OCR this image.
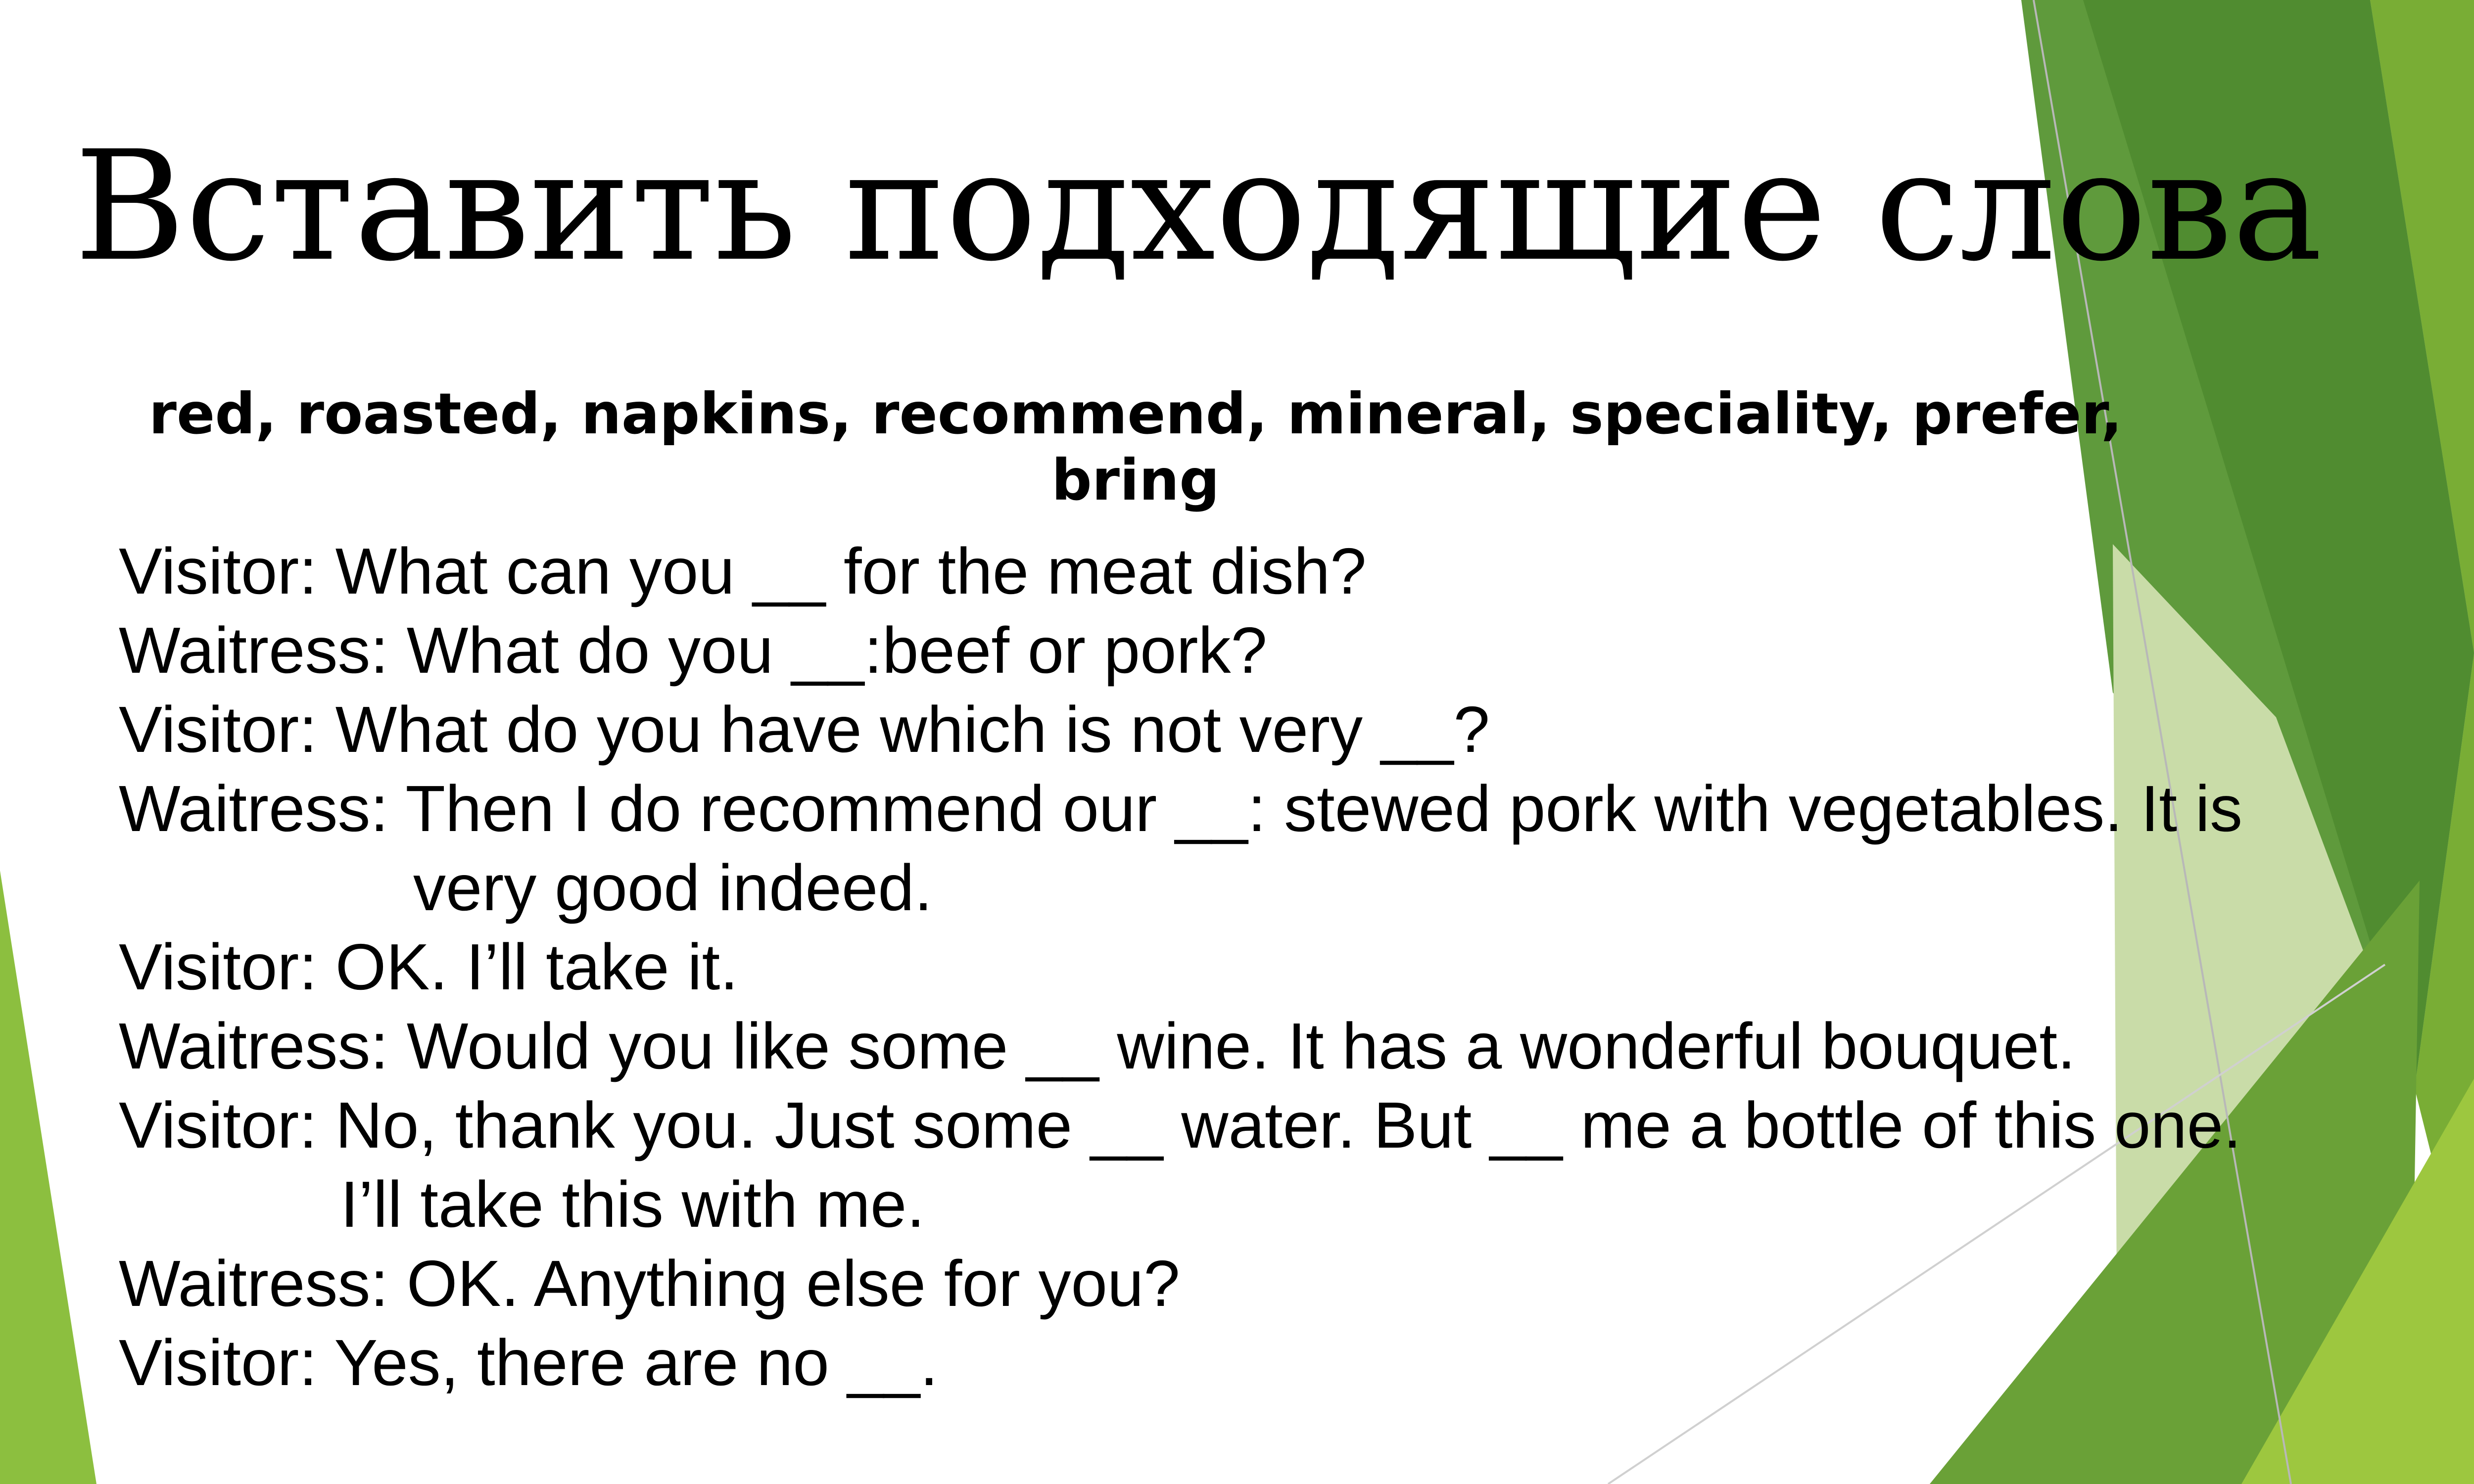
Вставить подходящие слова

red, roasted, napkins, recommend, mineral, speciality, prefer, bring

Visitor: What can you __ for the meat dish?
Waitress: What do you __:beef or pork?
Visitor: What do you have which is not very __?
Waitress: Then I do recommend our __: stewed pork with vegetables. It is
very good indeed.
Visitor: OK. I’ll take it.
Waitress: Would you like some __ wine. It has a wonderful bouquet.
Visitor: No, thank you. Just some __ water. But __ me a bottle of this one.
I’ll take this with me.
Waitress: OK. Anything else for you?
Visitor: Yes, there are no __.
